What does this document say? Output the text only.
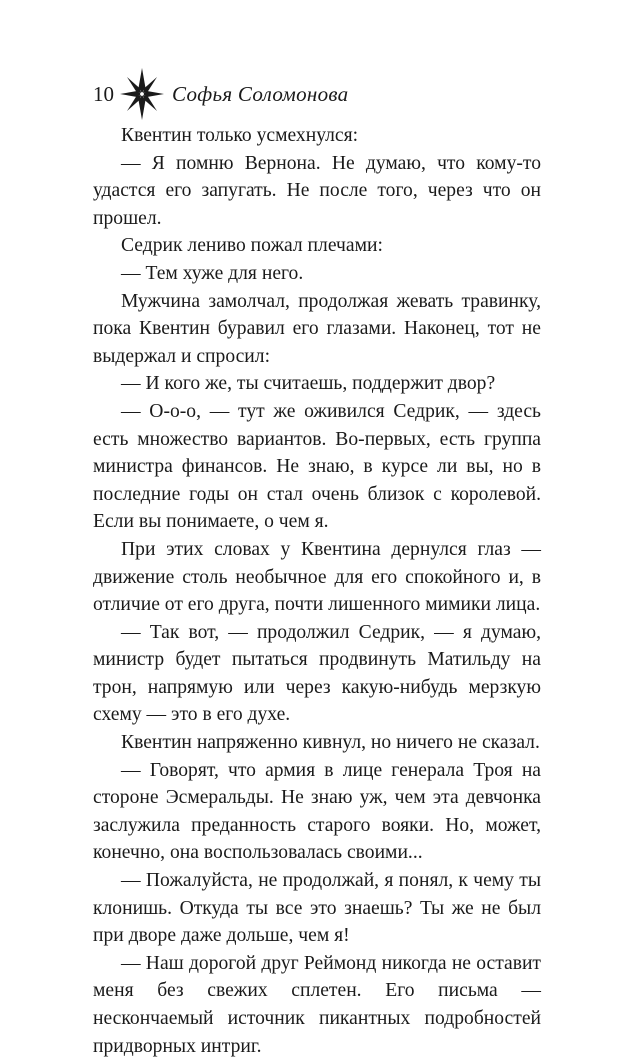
10	Софья Соломонова

Квентин только усмехнулся:

— Я помню Вернона. Не думаю, что кому-то удастся его запугать. Не после того, через что он прошел.

Седрик лениво пожал плечами:

— Тем хуже для него.

Мужчина замолчал, продолжая жевать травинку, пока Квентин буравил его глазами. Наконец, тот не выдержал и спросил:

— И кого же, ты считаешь, поддержит двор?

— О-о-о, — тут же оживился Седрик, — здесь есть множество вариантов. Во-первых, есть группа министра финансов. Не знаю, в курсе ли вы, но в последние годы он стал очень близок с королевой. Если вы понимаете, о чем я.

При этих словах у Квентина дернулся глаз — движение столь необычное для его спокойного и, в отличие от его друга, почти лишенного мимики лица.

— Так вот, — продолжил Седрик, — я думаю, министр будет пытаться продвинуть Матильду на трон, напрямую или через какую-нибудь мерзкую схему — это в его духе.

Квентин напряженно кивнул, но ничего не сказал.

— Говорят, что армия в лице генерала Троя на стороне Эсмеральды. Не знаю уж, чем эта девчонка заслужила преданность старого вояки. Но, может, конечно, она воспользовалась своими...

— Пожалуйста, не продолжай, я понял, к чему ты клонишь. Откуда ты все это знаешь? Ты же не был при дворе даже дольше, чем я!

— Наш дорогой друг Реймонд никогда не оставит меня без свежих сплетен. Его письма — нескончаемый источник пикантных подробностей придворных интриг.
